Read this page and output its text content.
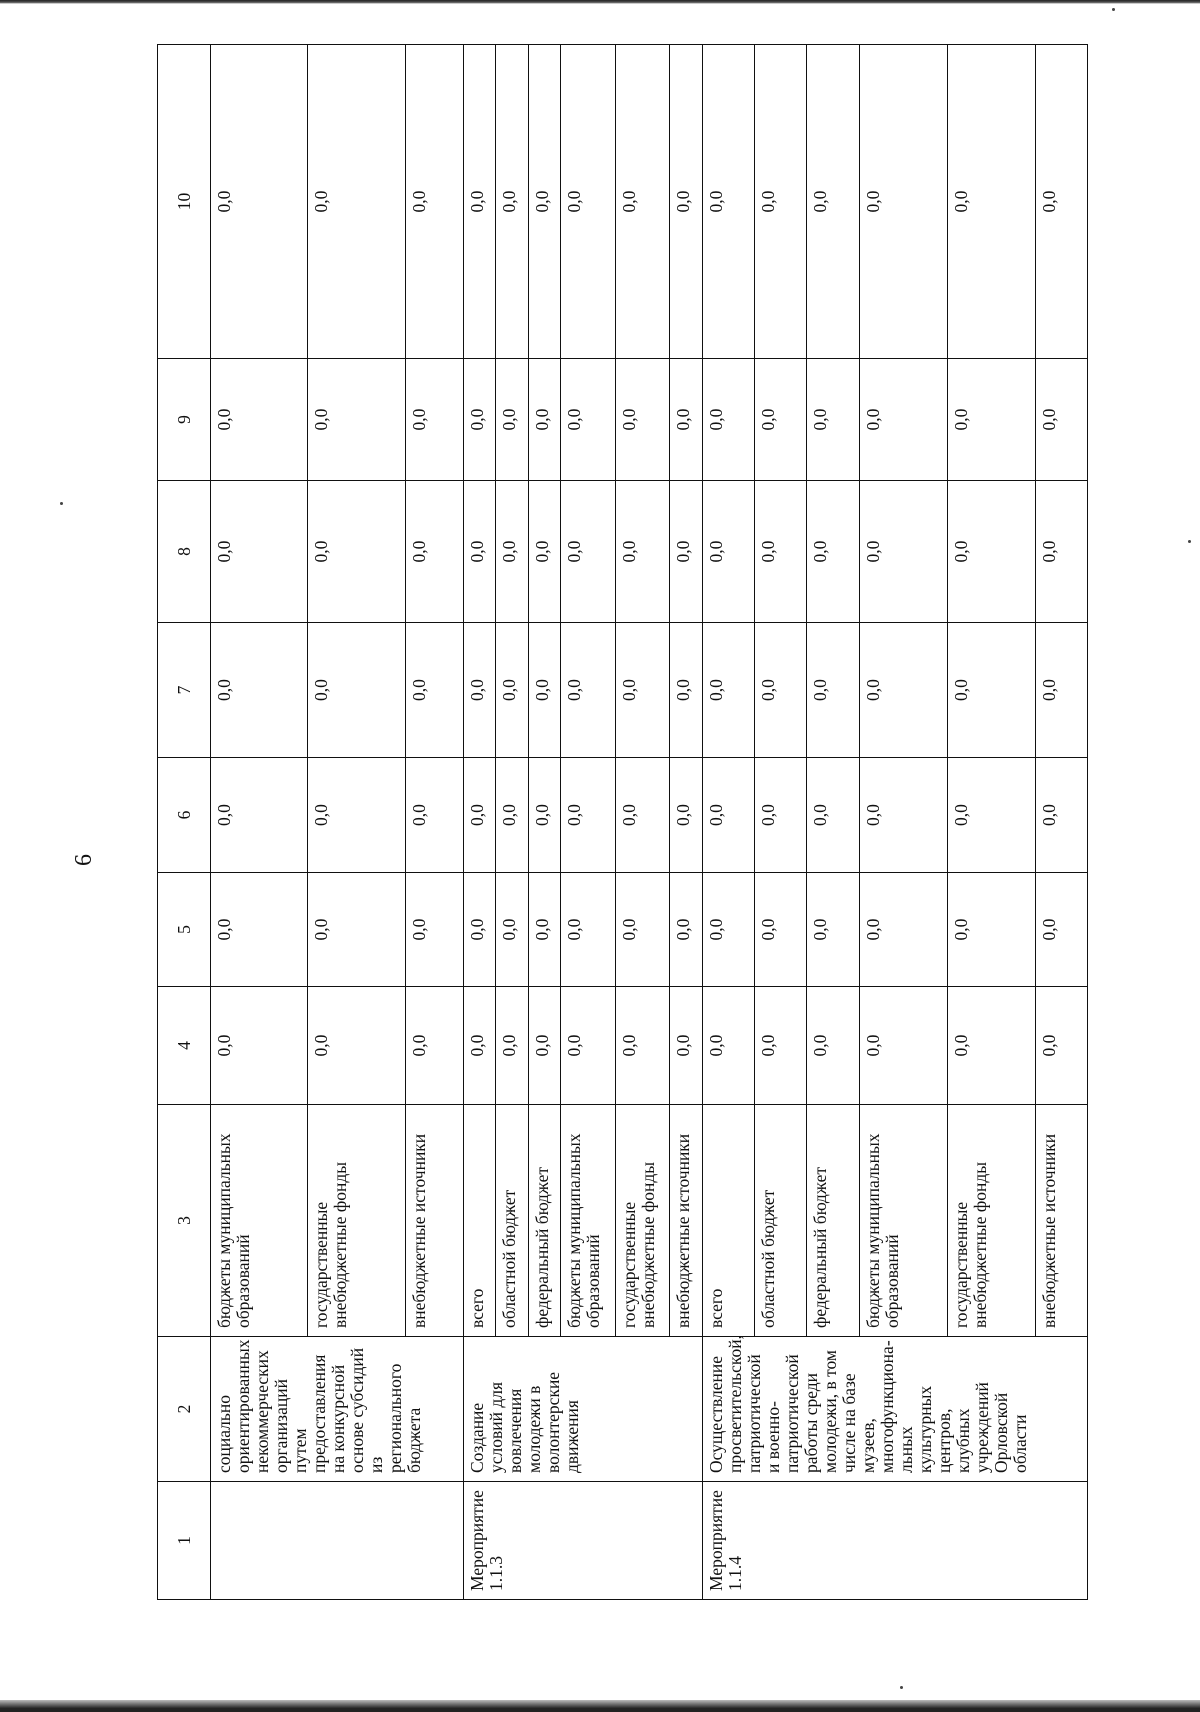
6
1	2	3	4	5	6	7	8	9	10
	социально ориентированных некоммерческих организаций путем предоставления на конкурсной основе субсидий из регионального бюджета	бюджеты муниципальных образований	0,0	0,0	0,0	0,0	0,0	0,0	0,0
		государственные внебюджетные фонды	0,0	0,0	0,0	0,0	0,0	0,0	0,0
		внебюджетные источники	0,0	0,0	0,0	0,0	0,0	0,0	0,0
Мероприятие 1.1.3	Создание условий для вовлечения молодежи в волонтерские движения	всего	0,0	0,0	0,0	0,0	0,0	0,0	0,0
		областной бюджет	0,0	0,0	0,0	0,0	0,0	0,0	0,0
		федеральный бюджет	0,0	0,0	0,0	0,0	0,0	0,0	0,0
		бюджеты муниципальных образований	0,0	0,0	0,0	0,0	0,0	0,0	0,0
		государственные внебюджетные фонды	0,0	0,0	0,0	0,0	0,0	0,0	0,0
		внебюджетные источники	0,0	0,0	0,0	0,0	0,0	0,0	0,0
Мероприятие 1.1.4	Осуществление просветительской, патриотической и военно-патриотической работы среди молодежи, в том числе на базе музеев, многофункциона-льных культурных центров, клубных учреждений Орловской области	всего	0,0	0,0	0,0	0,0	0,0	0,0	0,0
		областной бюджет	0,0	0,0	0,0	0,0	0,0	0,0	0,0
		федеральный бюджет	0,0	0,0	0,0	0,0	0,0	0,0	0,0
		бюджеты муниципальных образований	0,0	0,0	0,0	0,0	0,0	0,0	0,0
		государственные внебюджетные фонды	0,0	0,0	0,0	0,0	0,0	0,0	0,0
		внебюджетные источники	0,0	0,0	0,0	0,0	0,0	0,0	0,0
